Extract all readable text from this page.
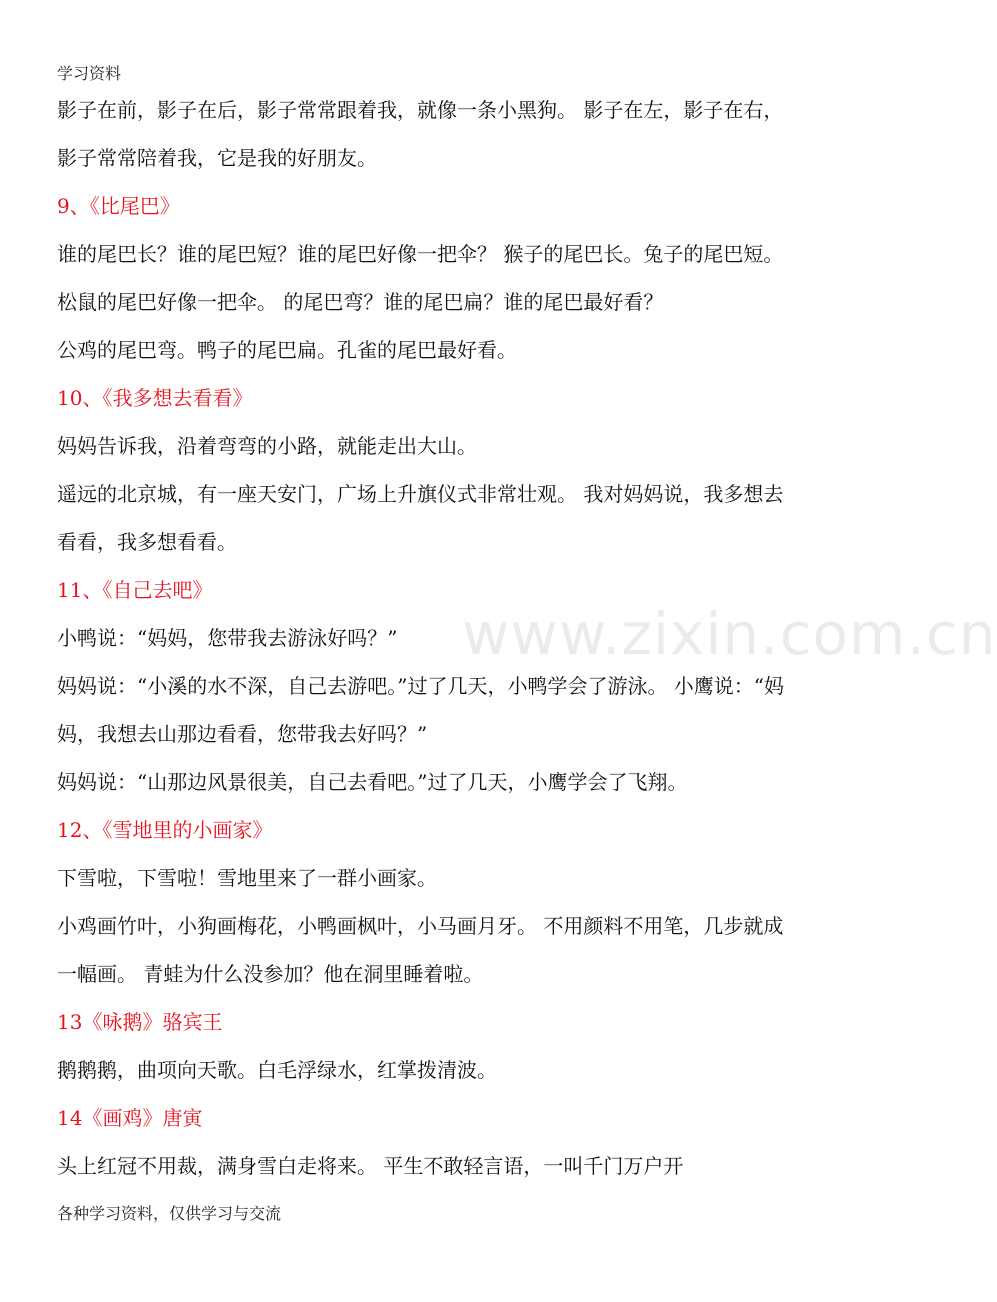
学习资料
www.zixin.com.cn
影子在前，影子在后，影子常常跟着我，就像一条小黑狗。 影子在左，影子在右，
影子常常陪着我，它是我的好朋友。
9、《比尾巴》
谁的尾巴长？谁的尾巴短？谁的尾巴好像一把伞？ 猴子的尾巴长。兔子的尾巴短。
松鼠的尾巴好像一把伞。 的尾巴弯？谁的尾巴扁？谁的尾巴最好看？
公鸡的尾巴弯。鸭子的尾巴扁。孔雀的尾巴最好看。
10、《我多想去看看》
妈妈告诉我，沿着弯弯的小路，就能走出大山。
遥远的北京城，有一座天安门，广场上升旗仪式非常壮观。 我对妈妈说，我多想去
看看，我多想看看。
11、《自己去吧》
小鸭说：“妈妈，您带我去游泳好吗？”
妈妈说：“小溪的水不深，自己去游吧。”过了几天，小鸭学会了游泳。 小鹰说：“妈
妈，我想去山那边看看，您带我去好吗？”
妈妈说：“山那边风景很美，自己去看吧。”过了几天，小鹰学会了飞翔。
12、《雪地里的小画家》
下雪啦，下雪啦！雪地里来了一群小画家。
小鸡画竹叶，小狗画梅花，小鸭画枫叶，小马画月牙。 不用颜料不用笔，几步就成
一幅画。 青蛙为什么没参加？他在洞里睡着啦。
13《咏鹅》骆宾王
鹅鹅鹅，曲项向天歌。白毛浮绿水，红掌拨清波。
14《画鸡》唐寅
头上红冠不用裁，满身雪白走将来。 平生不敢轻言语，一叫千门万户开
各种学习资料，仅供学习与交流
